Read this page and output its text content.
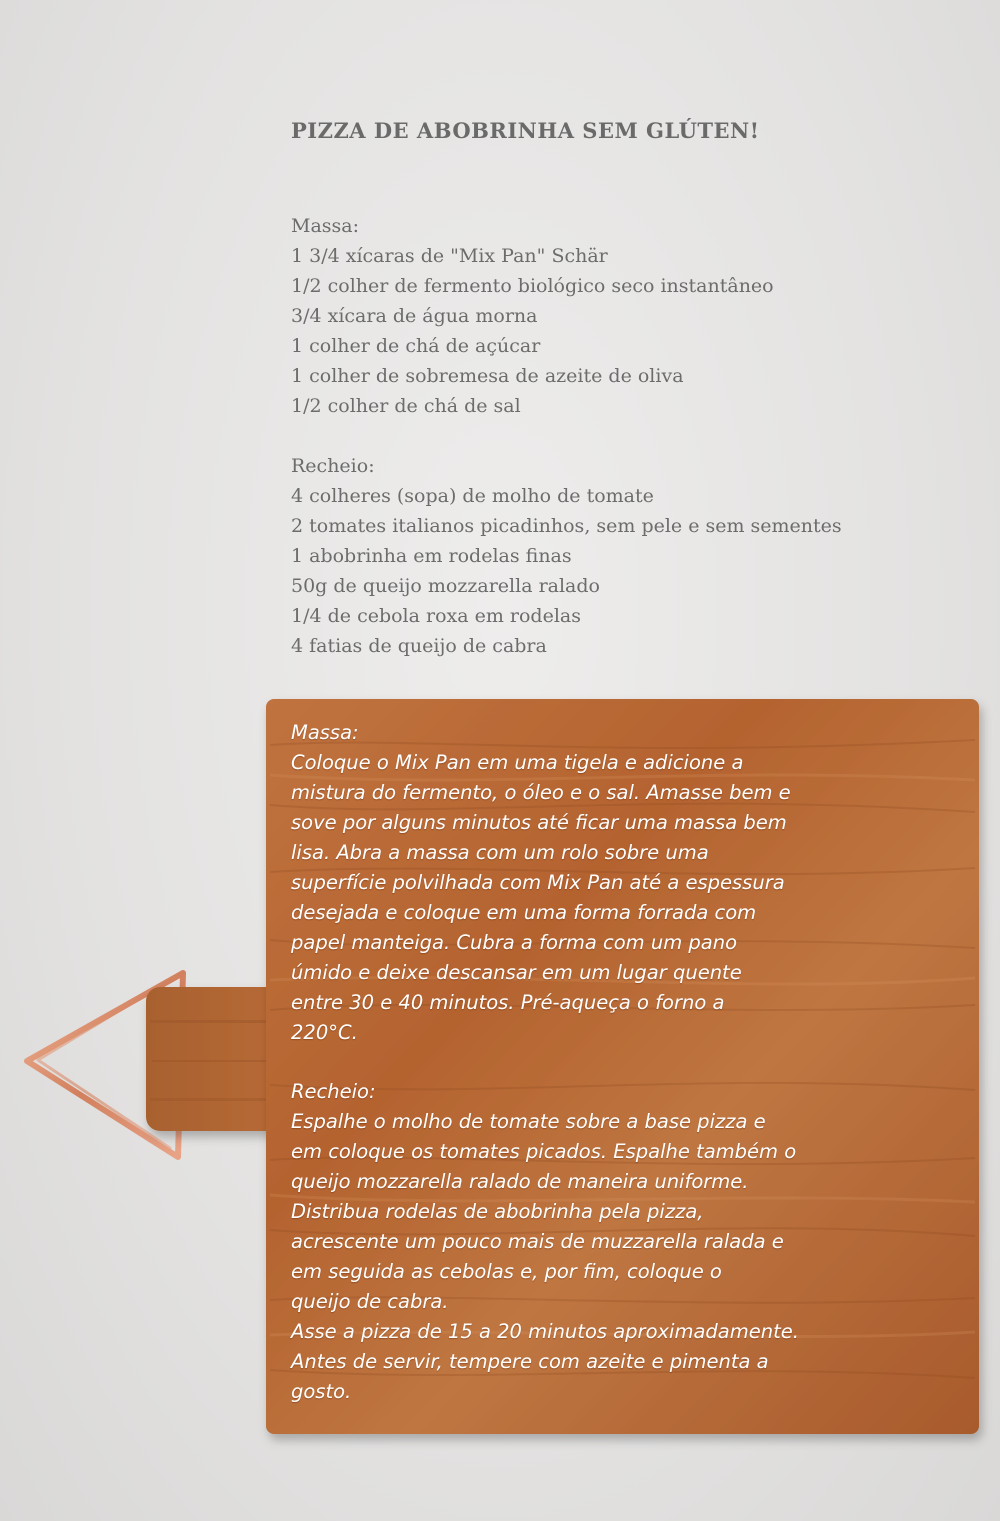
PIZZA DE ABOBRINHA SEM GLÚTEN!
Massa:
1 3/4 xícaras de "Mix Pan" Schär
1/2 colher de fermento biológico seco instantâneo
3/4 xícara de água morna
1 colher de chá de açúcar
1 colher de sobremesa de azeite de oliva
1/2 colher de chá de sal
Recheio:
4 colheres (sopa) de molho de tomate
2 tomates italianos picadinhos, sem pele e sem sementes
1 abobrinha em rodelas finas
50g de queijo mozzarella ralado
1/4 de cebola roxa em rodelas
4 fatias de queijo de cabra
Massa:
Coloque o Mix Pan em uma tigela e adicione a
mistura do fermento, o óleo e o sal. Amasse bem e
sove por alguns minutos até ficar uma massa bem
lisa. Abra a massa com um rolo sobre uma
superfície polvilhada com Mix Pan até a espessura
desejada e coloque em uma forma forrada com
papel manteiga. Cubra a forma com um pano
úmido e deixe descansar em um lugar quente
entre 30 e 40 minutos. Pré-aqueça o forno a
220°C.
Recheio:
Espalhe o molho de tomate sobre a base pizza e
em coloque os tomates picados. Espalhe também o
queijo mozzarella ralado de maneira uniforme.
Distribua rodelas de abobrinha pela pizza,
acrescente um pouco mais de muzzarella ralada e
em seguida as cebolas e, por fim, coloque o
queijo de cabra.
Asse a pizza de 15 a 20 minutos aproximadamente.
Antes de servir, tempere com azeite e pimenta a
gosto.
